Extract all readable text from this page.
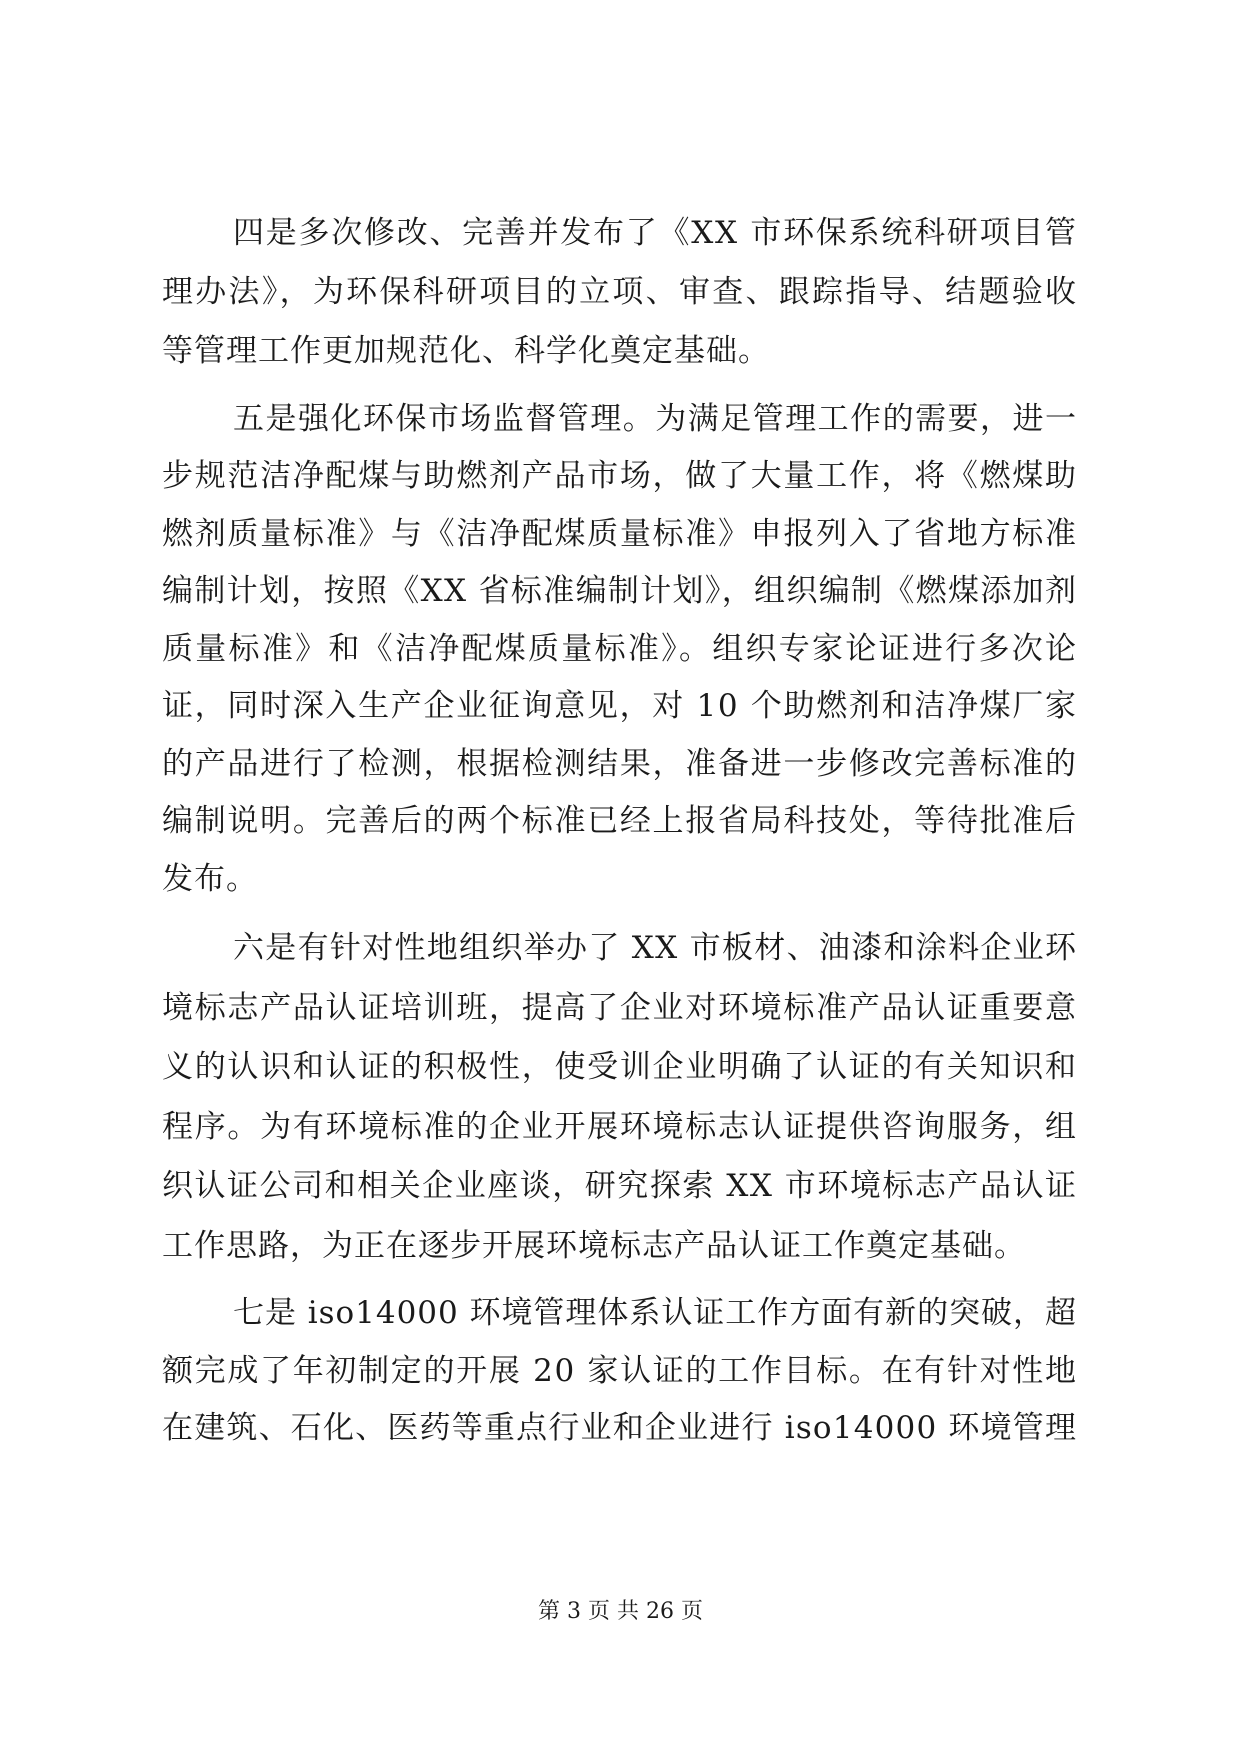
四是多次修改、完善并发布了《XX 市环保系统科研项目管
理办法》，为环保科研项目的立项、审查、跟踪指导、结题验收
等管理工作更加规范化、科学化奠定基础。
五是强化环保市场监督管理。为满足管理工作的需要，进一
步规范洁净配煤与助燃剂产品市场，做了大量工作，将《燃煤助
燃剂质量标准》与《洁净配煤质量标准》申报列入了省地方标准
编制计划，按照《XX 省标准编制计划》，组织编制《燃煤添加剂
质量标准》和《洁净配煤质量标准》。组织专家论证进行多次论
证，同时深入生产企业征询意见，对 10 个助燃剂和洁净煤厂家
的产品进行了检测，根据检测结果，准备进一步修改完善标准的
编制说明。完善后的两个标准已经上报省局科技处，等待批准后
发布。
六是有针对性地组织举办了 XX 市板材、油漆和涂料企业环
境标志产品认证培训班，提高了企业对环境标准产品认证重要意
义的认识和认证的积极性，使受训企业明确了认证的有关知识和
程序。为有环境标准的企业开展环境标志认证提供咨询服务，组
织认证公司和相关企业座谈，研究探索 XX 市环境标志产品认证
工作思路，为正在逐步开展环境标志产品认证工作奠定基础。
七是 iso14000 环境管理体系认证工作方面有新的突破，超
额完成了年初制定的开展 20 家认证的工作目标。在有针对性地
在建筑、石化、医药等重点行业和企业进行 iso14000 环境管理
第 3 页 共 26 页
